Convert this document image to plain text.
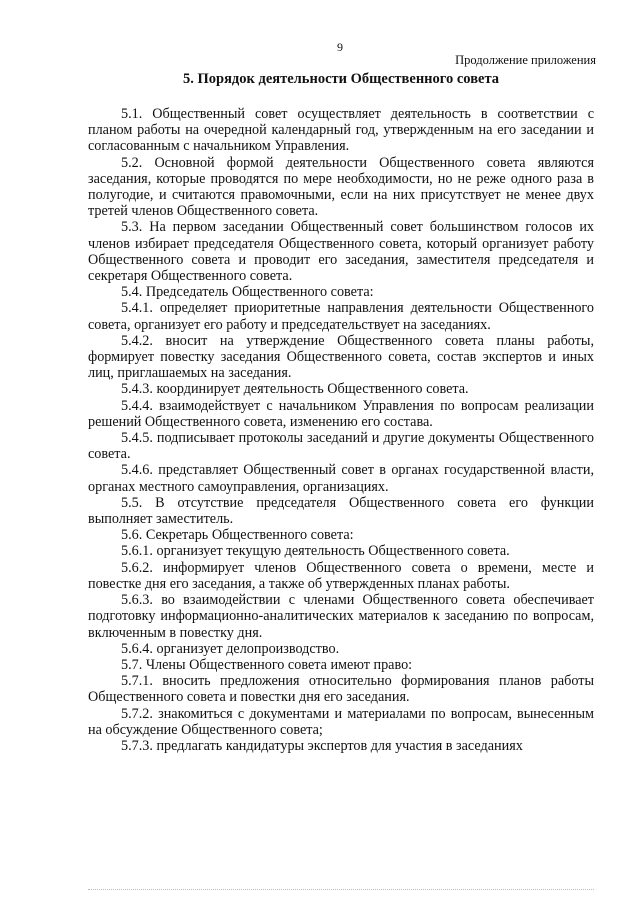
9
Продолжение приложения
5. Порядок деятельности Общественного совета

5.1. Общественный совет осуществляет деятельность в соответствии с планом работы на очередной календарный год, утвержденным на его заседании и согласованным с начальником Управления.

5.2. Основной формой деятельности Общественного совета являются заседания, которые проводятся по мере необходимости, но не реже одного раза в полугодие, и считаются правомочными, если на них присутствует не менее двух третей членов Общественного совета.

5.3. На первом заседании Общественный совет большинством голосов их членов избирает председателя Общественного совета, который организует работу Общественного совета и проводит его заседания, заместителя председателя и секретаря Общественного совета.

5.4. Председатель Общественного совета:

5.4.1. определяет приоритетные направления деятельности Общественного совета, организует его работу и председательствует на заседаниях.

5.4.2. вносит на утверждение Общественного совета планы работы, формирует повестку заседания Общественного совета, состав экспертов и иных лиц, приглашаемых на заседания.

5.4.3. координирует деятельность Общественного совета.

5.4.4. взаимодействует с начальником Управления по вопросам реализации решений Общественного совета, изменению его состава.

5.4.5. подписывает протоколы заседаний и другие документы Общественного совета.

5.4.6. представляет Общественный совет в органах государственной власти, органах местного самоуправления, организациях.

5.5. В отсутствие председателя Общественного совета его функции выполняет заместитель.

5.6. Секретарь Общественного совета:

5.6.1. организует текущую деятельность Общественного совета.

5.6.2. информирует членов Общественного совета о времени, месте и повестке дня его заседания, а также об утвержденных планах работы.

5.6.3. во взаимодействии с членами Общественного совета обеспечивает подготовку информационно-аналитических материалов к заседанию по вопросам, включенным в повестку дня.

5.6.4. организует делопроизводство.

5.7. Члены Общественного совета имеют право:

5.7.1. вносить предложения относительно формирования планов работы Общественного совета и повестки дня его заседания.

5.7.2. знакомиться с документами и материалами по вопросам, вынесенным на обсуждение Общественного совета;

5.7.3. предлагать кандидатуры экспертов для участия в заседаниях
